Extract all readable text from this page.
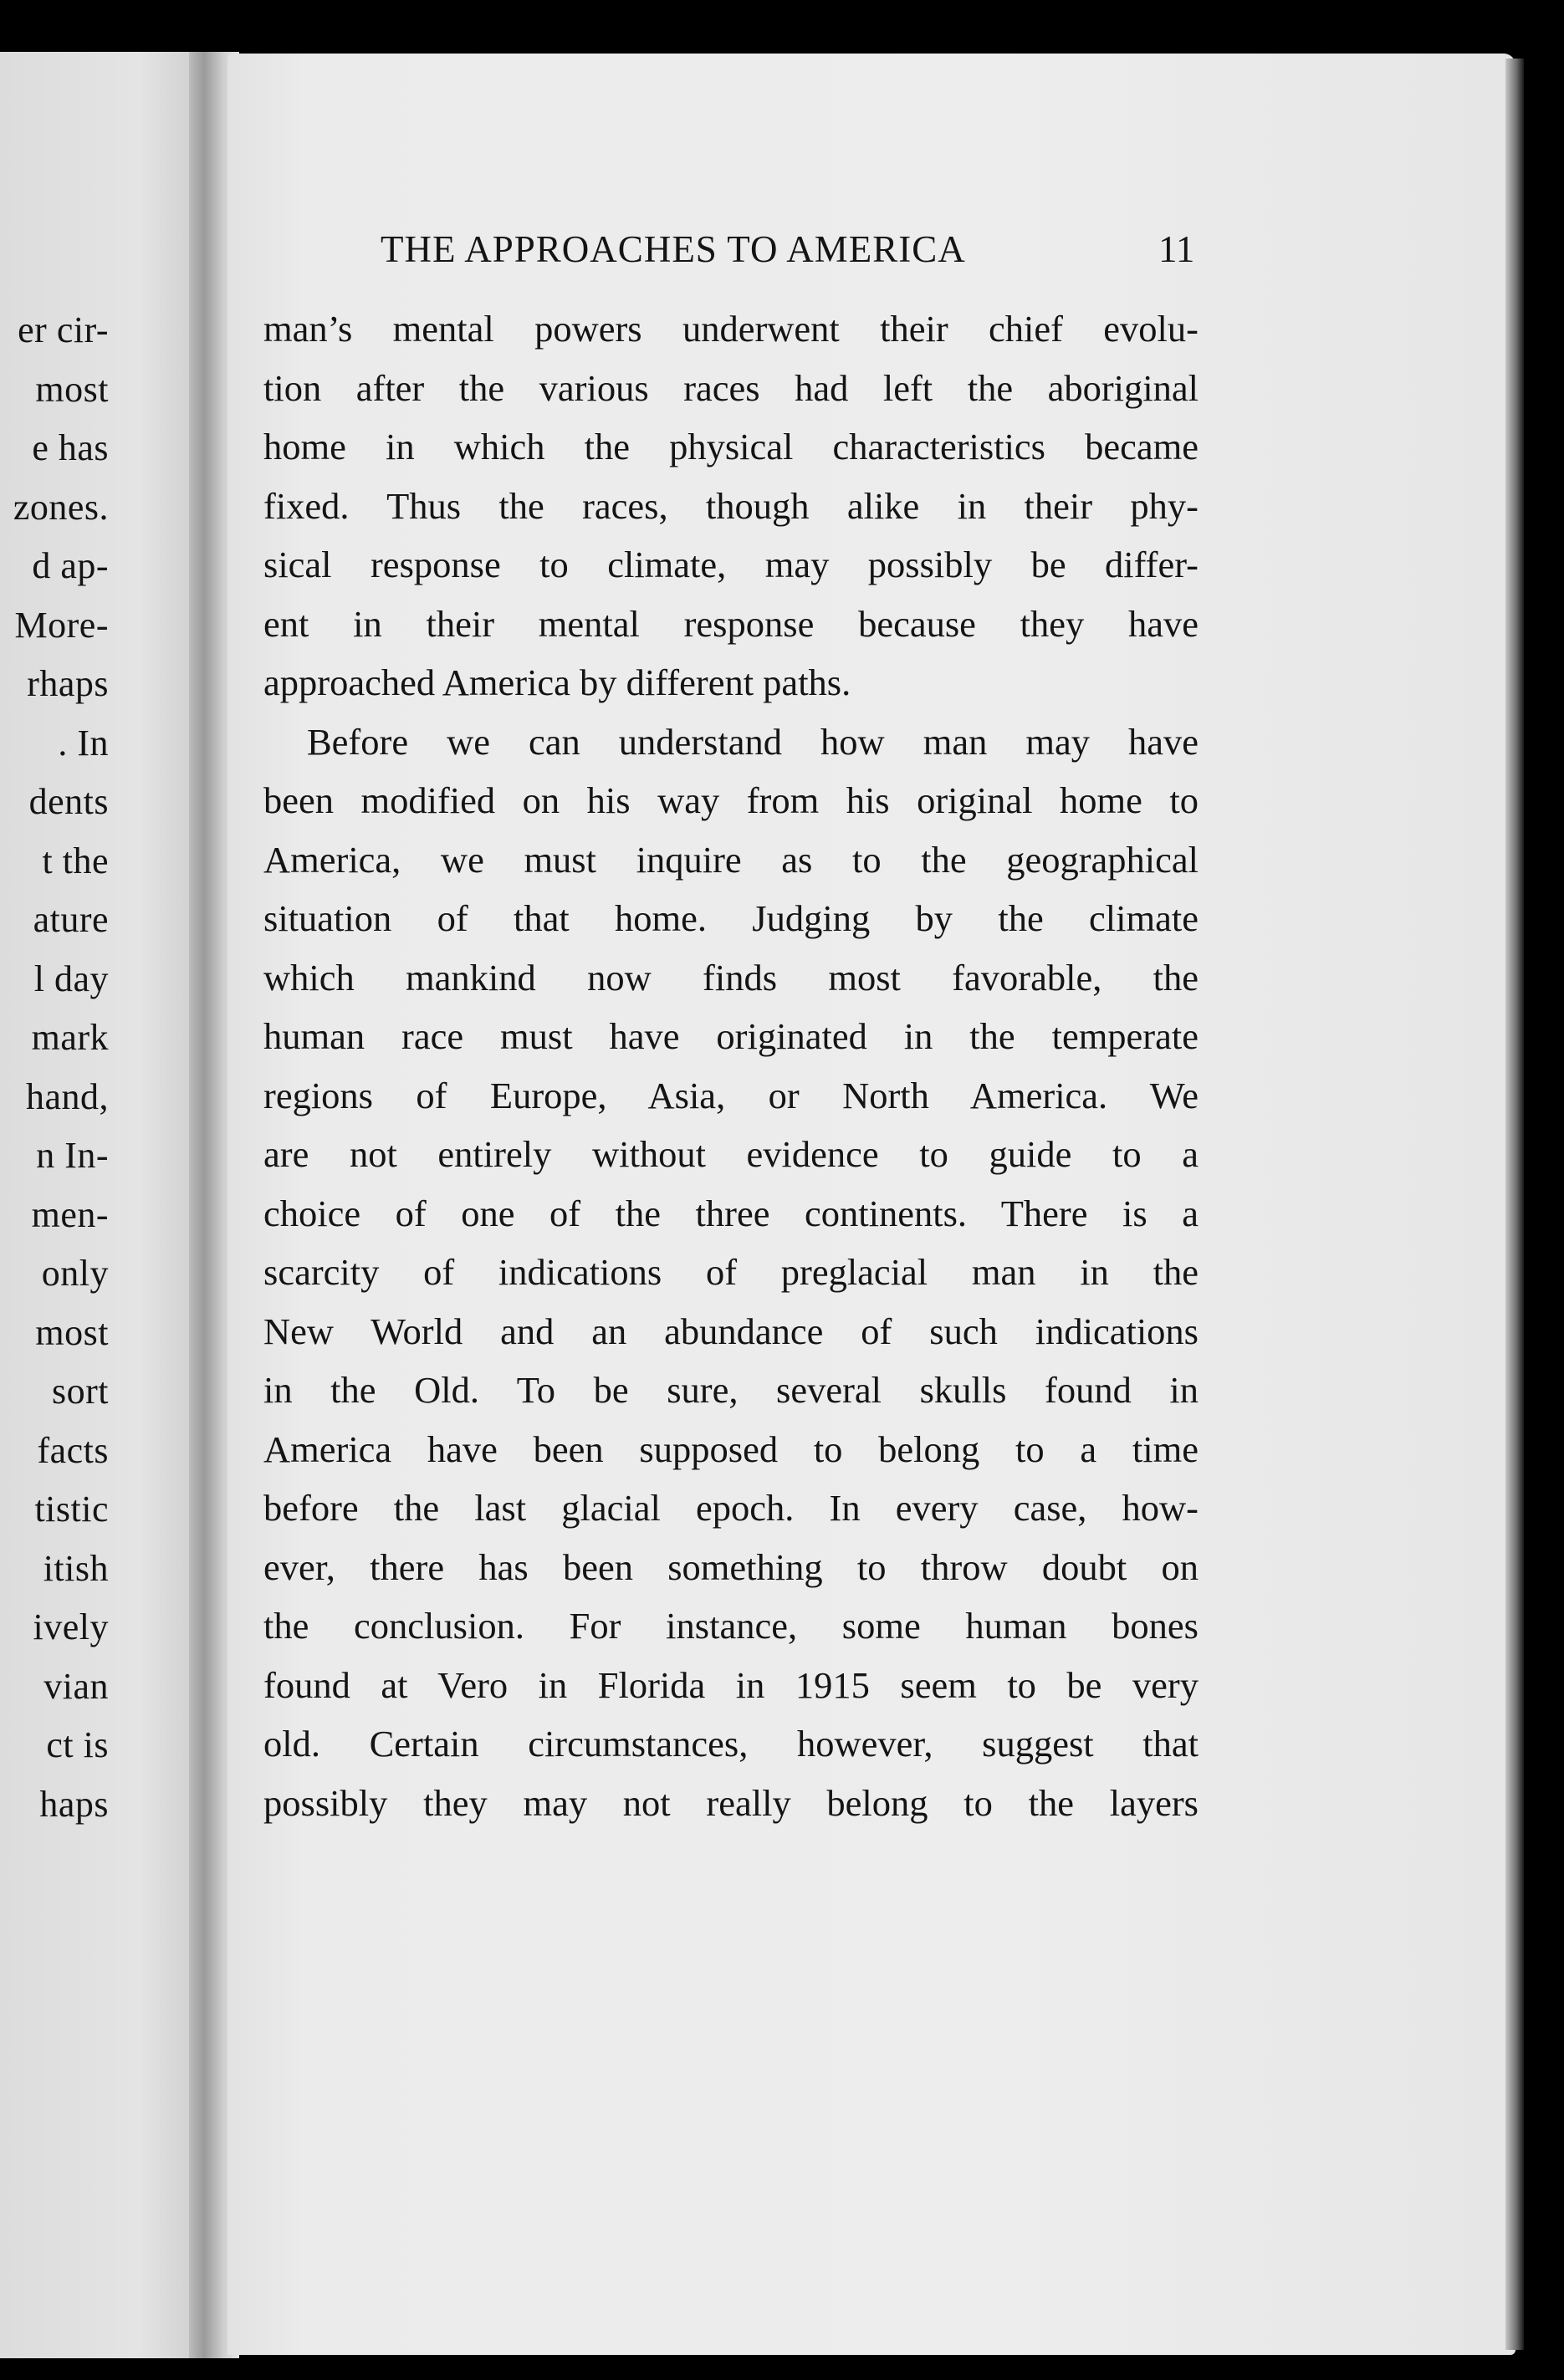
er cir-
most
e has
zones.
d ap-
More-
rhaps
. In
dents
t the
ature
l day
mark
hand,
n In-
men-
only
most
sort
facts
tistic
itish
ively
vian
ct is
haps
THE APPROACHES TO AMERICA	11
man’s mental powers underwent their chief evolu-
tion after the various races had left the aboriginal
home in which the physical characteristics became
fixed. Thus the races, though alike in their phy-
sical response to climate, may possibly be differ-
ent in their mental response because they have
approached America by different paths.
Before we can understand how man may have
been modified on his way from his original home to
America, we must inquire as to the geographical
situation of that home. Judging by the climate
which mankind now finds most favorable, the
human race must have originated in the temperate
regions of Europe, Asia, or North America. We
are not entirely without evidence to guide to a
choice of one of the three continents. There is a
scarcity of indications of preglacial man in the
New World and an abundance of such indications
in the Old. To be sure, several skulls found in
America have been supposed to belong to a time
before the last glacial epoch. In every case, how-
ever, there has been something to throw doubt on
the conclusion. For instance, some human bones
found at Vero in Florida in 1915 seem to be very
old. Certain circumstances, however, suggest that
possibly they may not really belong to the layers
